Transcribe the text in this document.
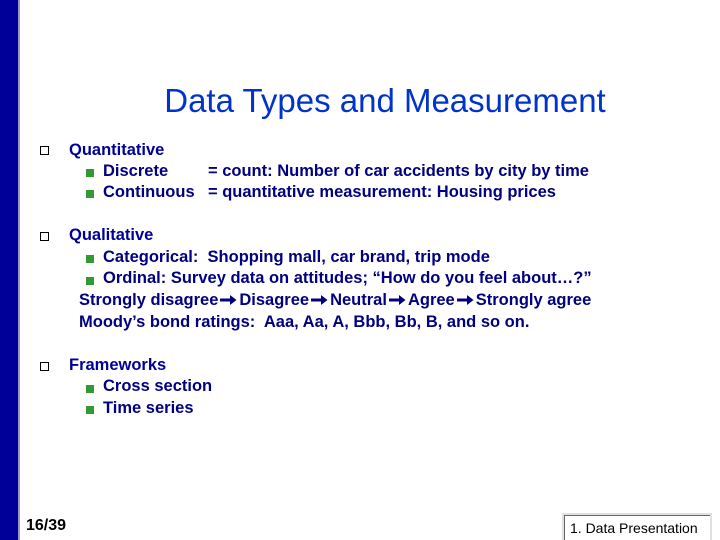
Data Types and Measurement
Quantitative
Discrete = count: Number of car accidents by city by time
Continuous = quantitative measurement: Housing prices
Qualitative
Categorical:  Shopping mall, car brand, trip mode
Ordinal: Survey data on attitudes; “How do you feel about…?”
Strongly disagree Disagree Neutral Agree Strongly agree
Moody’s bond ratings:  Aaa, Aa, A, Bbb, Bb, B, and so on.
Frameworks
Cross section
Time series
16/39	1. Data Presentation
